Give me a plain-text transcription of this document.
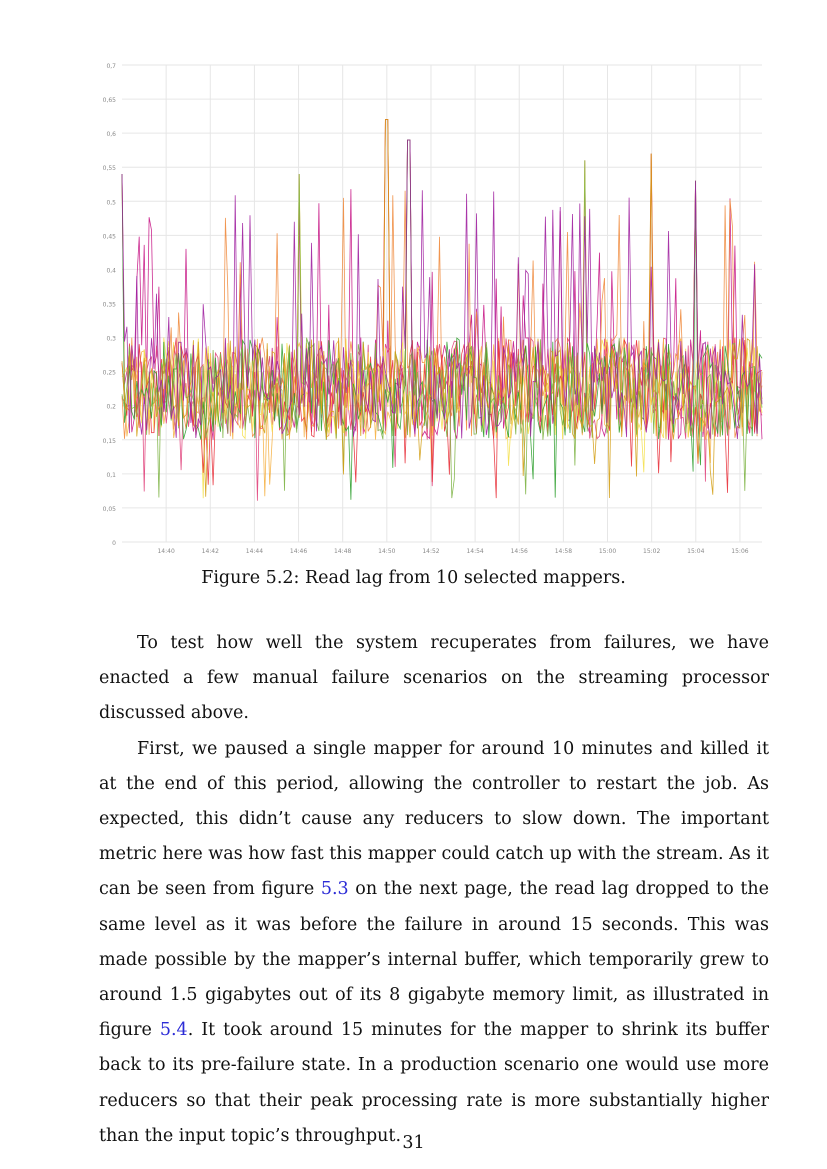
0
0,05
0,1
0,15
0,2
0,25
0,3
0,35
0,4
0,45
0,5
0,55
0,6
0,65
0,7
14:40	14:42	14:44	14:46	14:48	14:50	14:52	14:54	14:56	14:58	15:00	15:02	15:04	15:06
Figure 5.2: Read lag from 10 selected mappers.

To test how well the system recuperates from failures, we have enacted a few manual failure scenarios on the streaming processor discussed above.

First, we paused a single mapper for around 10 minutes and killed it at the end of this period, allowing the controller to restart the job. As expected, this didn’t cause any reducers to slow down. The important metric here was how fast this mapper could catch up with the stream. As it can be seen from figure 5.3 on the next page, the read lag dropped to the same level as it was before the failure in around 15 seconds. This was made possible by the mapper’s internal buffer, which temporarily grew to around 1.5 gigabytes out of its 8 gigabyte memory limit, as illustrated in figure 5.4. It took around 15 minutes for the mapper to shrink its buffer back to its pre-failure state. In a production scenario one would use more reducers so that their peak processing rate is more substantially higher than the input topic’s throughput. 31
